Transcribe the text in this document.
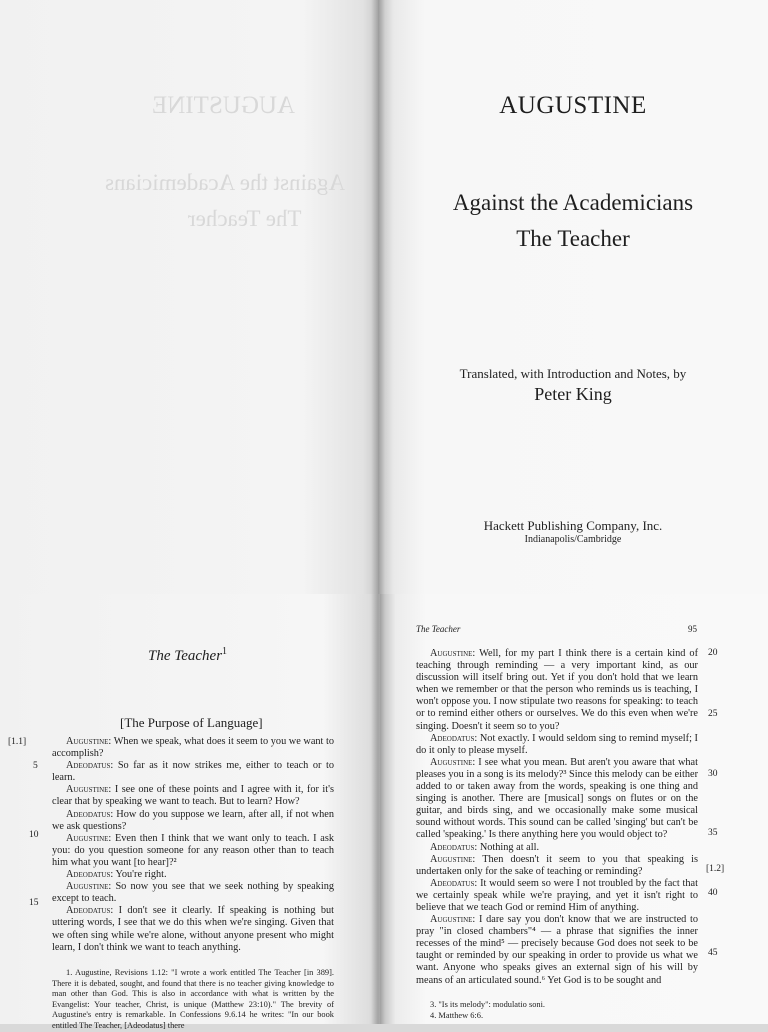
AUGUSTINE
Against the Academicians
The Teacher
AUGUSTINE
Against the Academicians
The Teacher
Translated, with Introduction and Notes, by
Peter King
Hackett Publishing Company, Inc.
Indianapolis/Cambridge
The Teacher$^1$
[The Purpose of Language]
[1.1]
5
10
15

Augustine: When we speak, what does it seem to you we want to accomplish?

Adeodatus: So far as it now strikes me, either to teach or to learn.

Augustine: I see one of these points and I agree with it, for it's clear that by speaking we want to teach. But to learn? How?

Adeodatus: How do you suppose we learn, after all, if not when we ask questions?

Augustine: Even then I think that we want only to teach. I ask you: do you question someone for any reason other than to teach him what you want [to hear]?²

Adeodatus: You're right.

Augustine: So now you see that we seek nothing by speaking except to teach.

Adeodatus: I don't see it clearly. If speaking is nothing but uttering words, I see that we do this when we're singing. Given that we often sing while we're alone, without anyone present who might learn, I don't think we want to teach anything.

1. Augustine, Revisions 1.12: "I wrote a work entitled The Teacher [in 389]. There it is debated, sought, and found that there is no teacher giving knowledge to man other than God. This is also in accordance with what is written by the Evangelist: Your teacher, Christ, is unique (Matthew 23:10)." The brevity of Augustine's entry is remarkable. In Confessions 9.6.14 he writes: "In our book entitled The Teacher, [Adeodatus] there

The Teacher	95
20
25
30
35
[1.2]
40
45

Augustine: Well, for my part I think there is a certain kind of teaching through reminding — a very important kind, as our discussion will itself bring out. Yet if you don't hold that we learn when we remember or that the person who reminds us is teaching, I won't oppose you. I now stipulate two reasons for speaking: to teach or to remind either others or ourselves. We do this even when we're singing. Doesn't it seem so to you?

Adeodatus: Not exactly. I would seldom sing to remind myself; I do it only to please myself.

Augustine: I see what you mean. But aren't you aware that what pleases you in a song is its melody?³ Since this melody can be either added to or taken away from the words, speaking is one thing and singing is another. There are [musical] songs on flutes or on the guitar, and birds sing, and we occasionally make some musical sound without words. This sound can be called 'singing' but can't be called 'speaking.' Is there anything here you would object to?

Adeodatus: Nothing at all.

Augustine: Then doesn't it seem to you that speaking is undertaken only for the sake of teaching or reminding?

Adeodatus: It would seem so were I not troubled by the fact that we certainly speak while we're praying, and yet it isn't right to believe that we teach God or remind Him of anything.

Augustine: I dare say you don't know that we are instructed to pray "in closed chambers"⁴ — a phrase that signifies the inner recesses of the mind⁵ — precisely because God does not seek to be taught or reminded by our speaking in order to provide us what we want. Anyone who speaks gives an external sign of his will by means of an articulated sound.⁶ Yet God is to be sought and

3. "Is its melody": modulatio soni.

4. Matthew 6:6.
